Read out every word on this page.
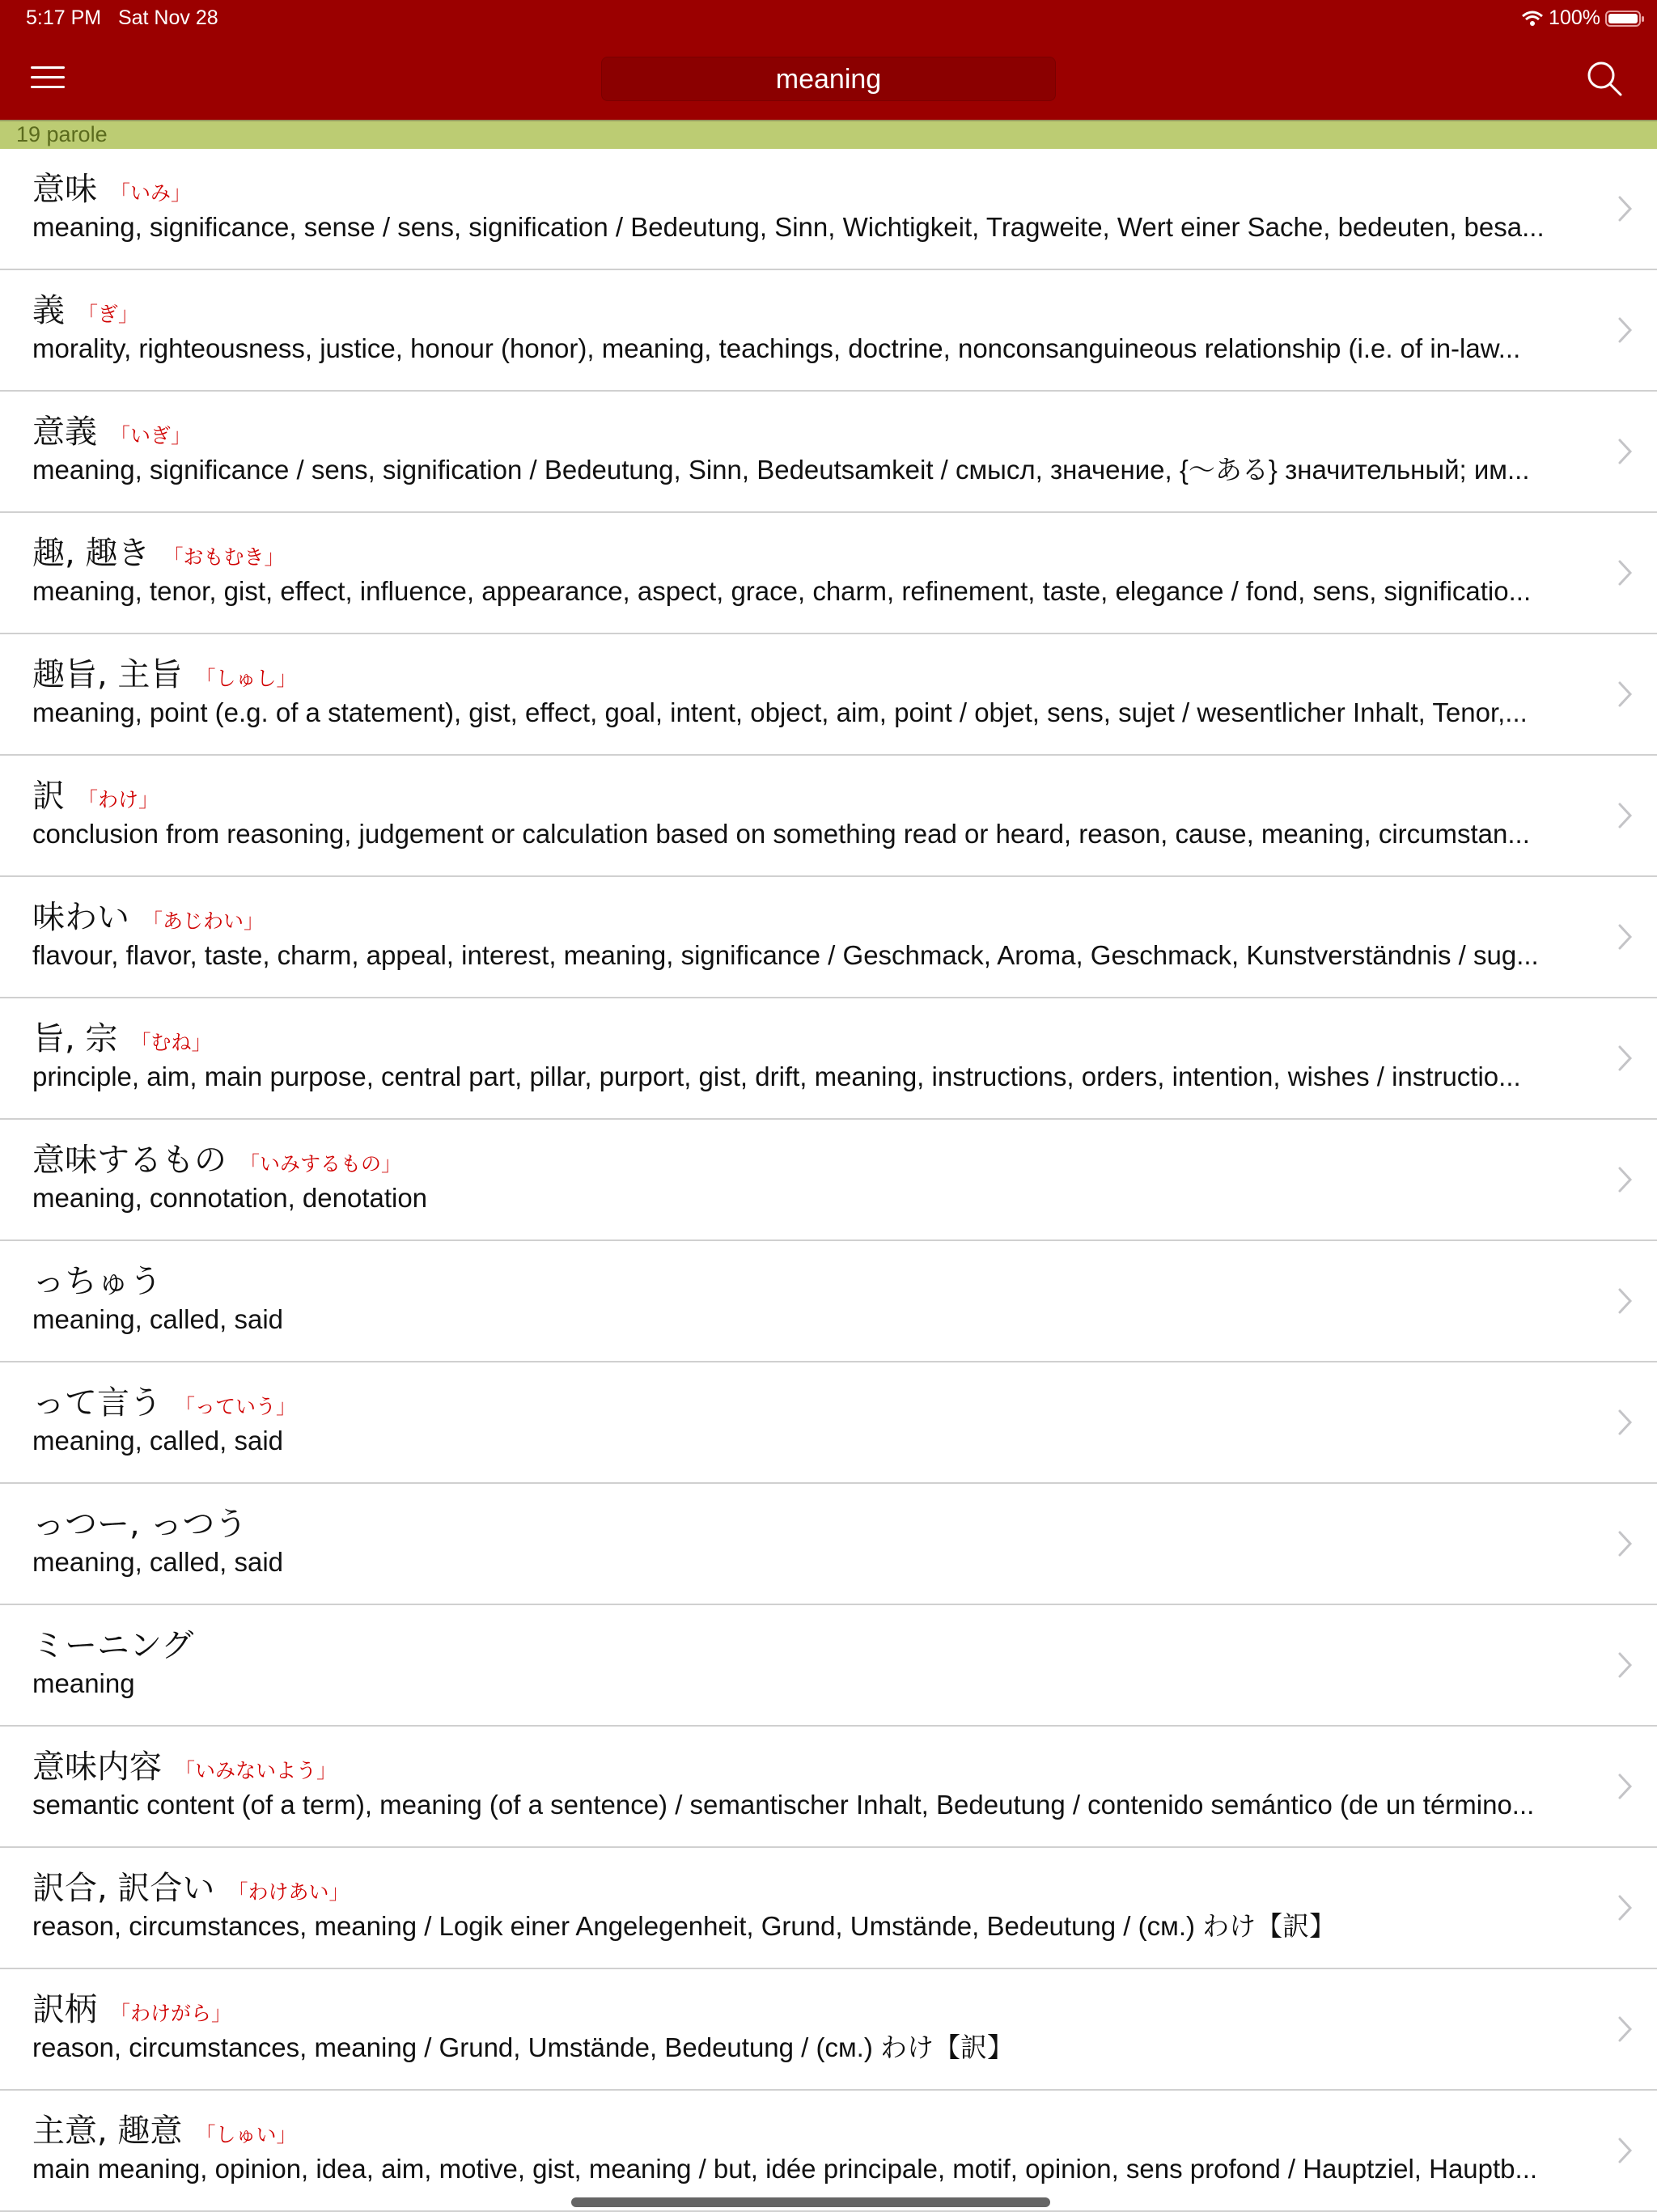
5:17 PM Sat Nov 28	100%
meaning
19 parole
意味 「いみ」
meaning, significance, sense / sens, signification / Bedeutung, Sinn, Wichtigkeit, Tragweite, Wert einer Sache, bedeuten, besa...
義 「ぎ」
morality, righteousness, justice, honour (honor), meaning, teachings, doctrine, nonconsanguineous relationship (i.e. of in-law...
意義 「いぎ」
meaning, significance / sens, signification / Bedeutung, Sinn, Bedeutsamkeit / смысл, значение, {～ある} значительный; им...
趣, 趣き 「おもむき」
meaning, tenor, gist, effect, influence, appearance, aspect, grace, charm, refinement, taste, elegance / fond, sens, significatio...
趣旨, 主旨 「しゅし」
meaning, point (e.g. of a statement), gist, effect, goal, intent, object, aim, point / objet, sens, sujet / wesentlicher Inhalt, Tenor,...
訳 「わけ」
conclusion from reasoning, judgement or calculation based on something read or heard, reason, cause, meaning, circumstan...
味わい 「あじわい」
flavour, flavor, taste, charm, appeal, interest, meaning, significance / Geschmack, Aroma, Geschmack, Kunstverständnis / sug...
旨, 宗 「むね」
principle, aim, main purpose, central part, pillar, purport, gist, drift, meaning, instructions, orders, intention, wishes / instructio...
意味するもの 「いみするもの」
meaning, connotation, denotation
っちゅう
meaning, called, said
って言う 「っていう」
meaning, called, said
っつー, っつう
meaning, called, said
ミーニング
meaning
意味内容 「いみないよう」
semantic content (of a term), meaning (of a sentence) / semantischer Inhalt, Bedeutung / contenido semántico (de un término...
訳合, 訳合い 「わけあい」
reason, circumstances, meaning / Logik einer Angelegenheit, Grund, Umstände, Bedeutung / (см.) わけ【訳】
訳柄 「わけがら」
reason, circumstances, meaning / Grund, Umstände, Bedeutung / (см.) わけ【訳】
主意, 趣意 「しゅい」
main meaning, opinion, idea, aim, motive, gist, meaning / but, idée principale, motif, opinion, sens profond / Hauptziel, Hauptb...
